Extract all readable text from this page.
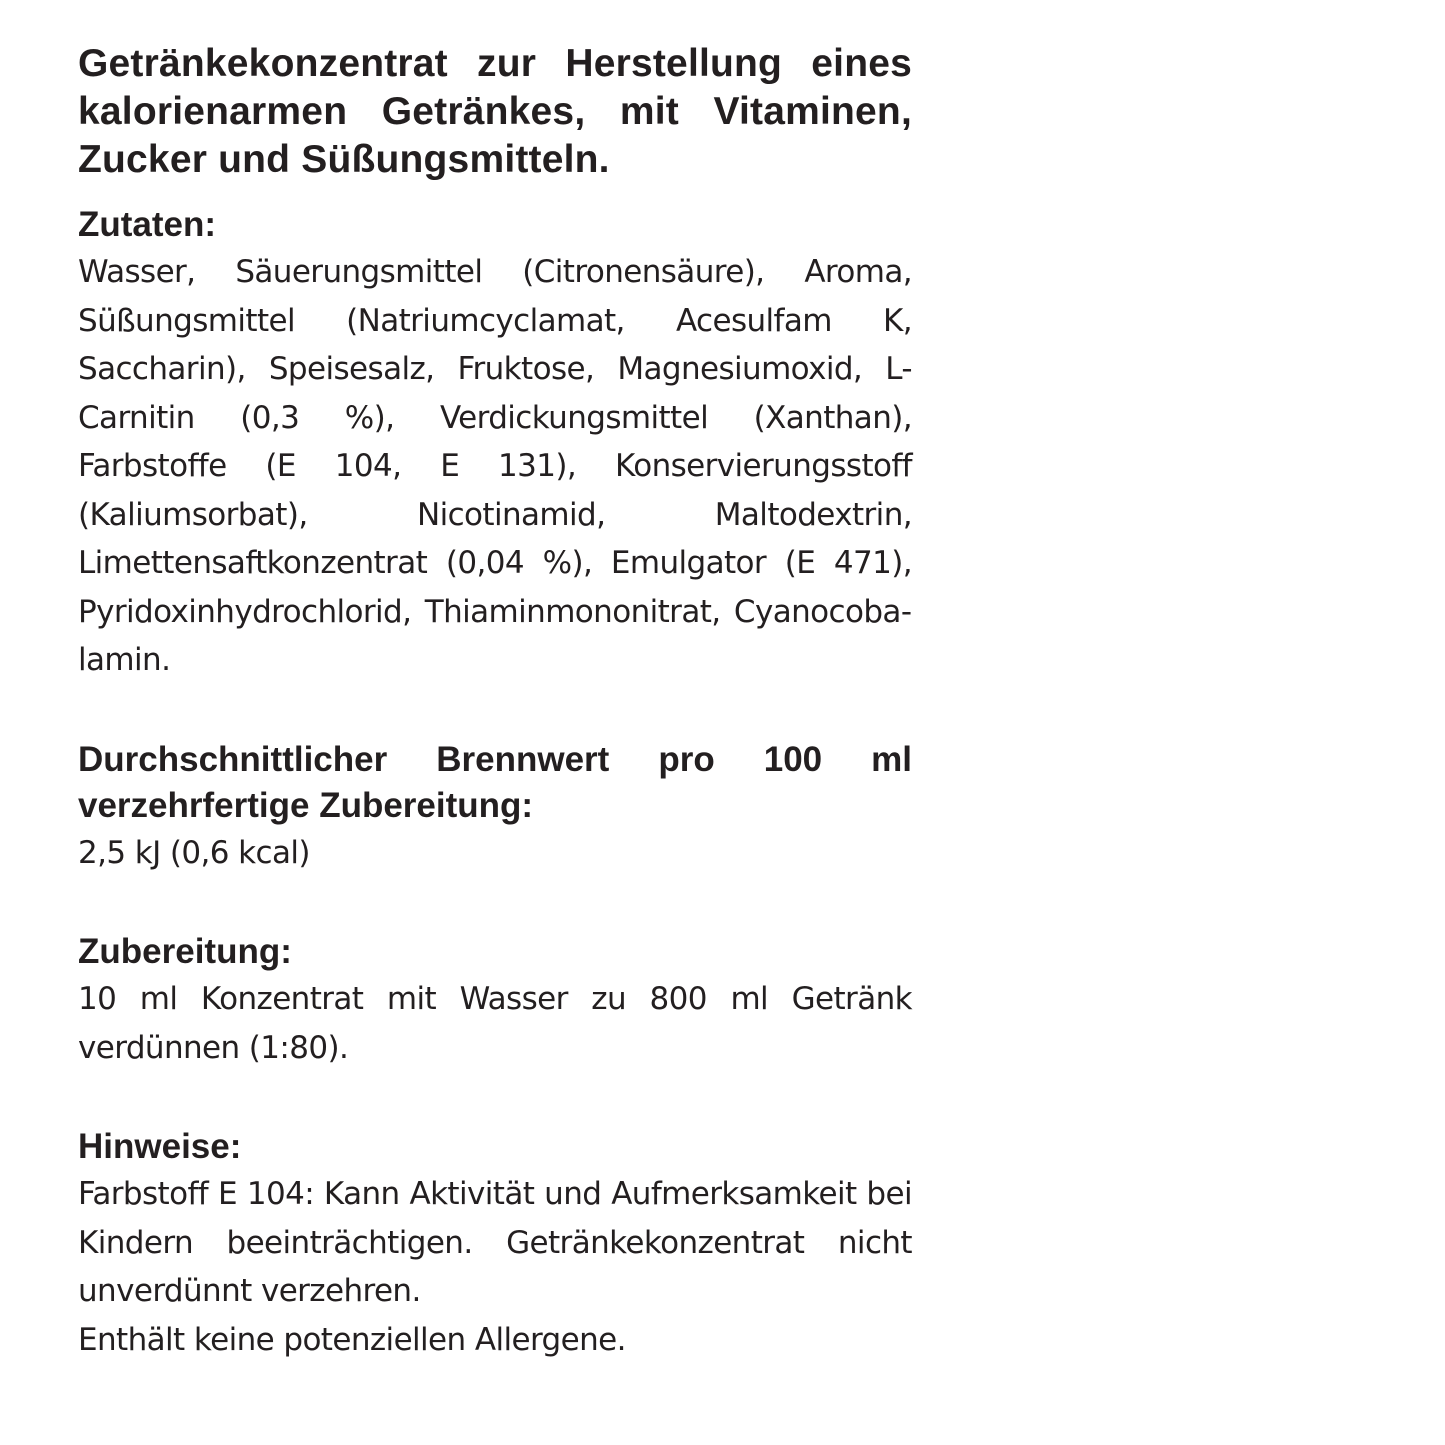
Getränkekonzentrat zur Herstellung eines kalorienarmen Getränkes, mit Vitaminen, Zucker und Süßungsmitteln.

Zutaten:

Wasser, Säuerungsmittel (Citronensäure), Aroma, Süßungsmittel (Natriumcyclamat, Acesulfam K, Saccharin), Speisesalz, Fruktose, Magnesiumoxid, L-Carnitin (0,3 %), Verdickungsmittel (Xanthan), Farbstoffe (E 104, E 131), Konservierungsstoff (Kaliumsorbat), Nicotinamid, Maltodextrin, Limettensaftkonzentrat (0,04 %), Emulgator (E 471), Pyridoxinhydrochlorid, Thiaminmononitrat, Cyanocobalamin.

Durchschnittlicher Brennwert pro 100 ml verzehrfertige Zubereitung:

2,5 kJ (0,6 kcal)

Zubereitung:

10 ml Konzentrat mit Wasser zu 800 ml Getränk verdünnen (1:80).

Hinweise:

Farbstoff E 104: Kann Aktivität und Aufmerksamkeit bei Kindern beeinträchtigen. Getränkekonzentrat nicht unverdünnt verzehren.

Enthält keine potenziellen Allergene.
